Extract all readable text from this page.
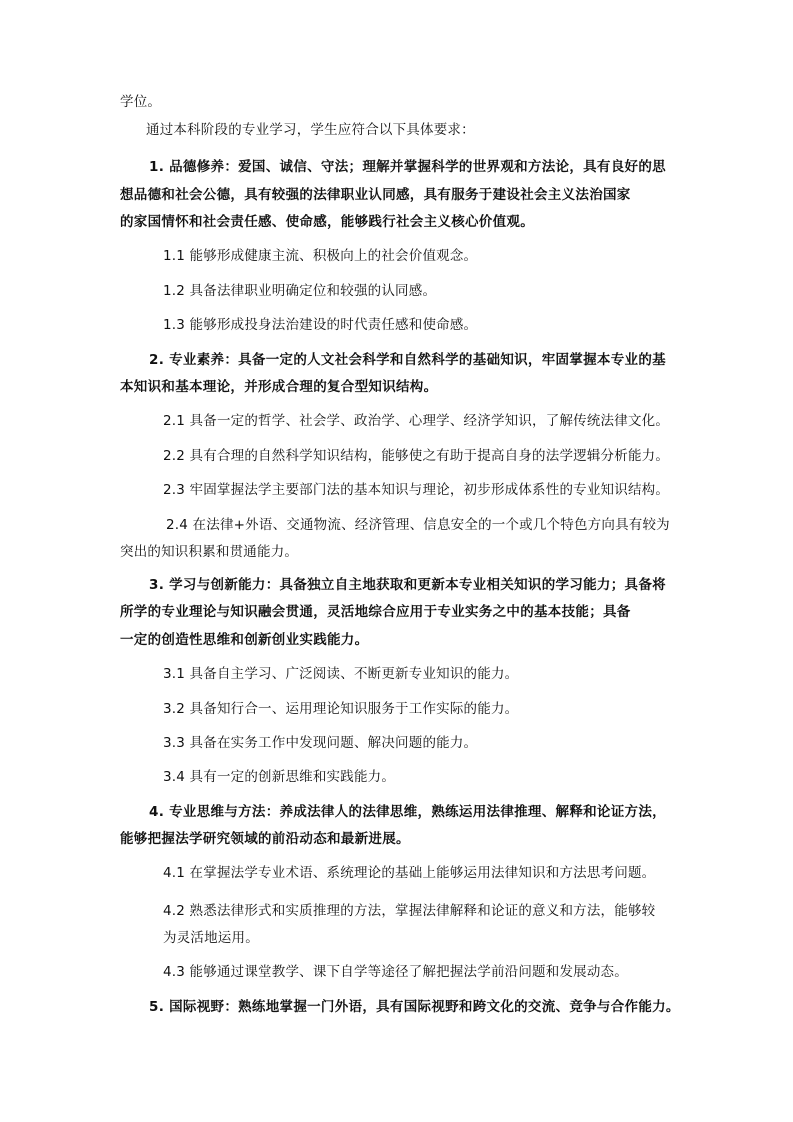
学位。
通过本科阶段的专业学习，学生应符合以下具体要求：
1. 品德修养：爱国、诚信、守法；理解并掌握科学的世界观和方法论，具有良好的思
想品德和社会公德，具有较强的法律职业认同感，具有服务于建设社会主义法治国家
的家国情怀和社会责任感、使命感，能够践行社会主义核心价值观。
1.1 能够形成健康主流、积极向上的社会价值观念。
1.2 具备法律职业明确定位和较强的认同感。
1.3 能够形成投身法治建设的时代责任感和使命感。
2. 专业素养：具备一定的人文社会科学和自然科学的基础知识，牢固掌握本专业的基
本知识和基本理论，并形成合理的复合型知识结构。
2.1 具备一定的哲学、社会学、政治学、心理学、经济学知识，了解传统法律文化。
2.2 具有合理的自然科学知识结构，能够使之有助于提高自身的法学逻辑分析能力。
2.3 牢固掌握法学主要部门法的基本知识与理论，初步形成体系性的专业知识结构。
2.4 在法律+外语、交通物流、经济管理、信息安全的一个或几个特色方向具有较为
突出的知识积累和贯通能力。
3. 学习与创新能力：具备独立自主地获取和更新本专业相关知识的学习能力；具备将
所学的专业理论与知识融会贯通，灵活地综合应用于专业实务之中的基本技能；具备
一定的创造性思维和创新创业实践能力。
3.1 具备自主学习、广泛阅读、不断更新专业知识的能力。
3.2 具备知行合一、运用理论知识服务于工作实际的能力。
3.3 具备在实务工作中发现问题、解决问题的能力。
3.4 具有一定的创新思维和实践能力。
4. 专业思维与方法：养成法律人的法律思维，熟练运用法律推理、解释和论证方法，
能够把握法学研究领域的前沿动态和最新进展。
4.1 在掌握法学专业术语、系统理论的基础上能够运用法律知识和方法思考问题。
4.2 熟悉法律形式和实质推理的方法，掌握法律解释和论证的意义和方法，能够较
为灵活地运用。
4.3 能够通过课堂教学、课下自学等途径了解把握法学前沿问题和发展动态。
5. 国际视野：熟练地掌握一门外语，具有国际视野和跨文化的交流、竞争与合作能力。
